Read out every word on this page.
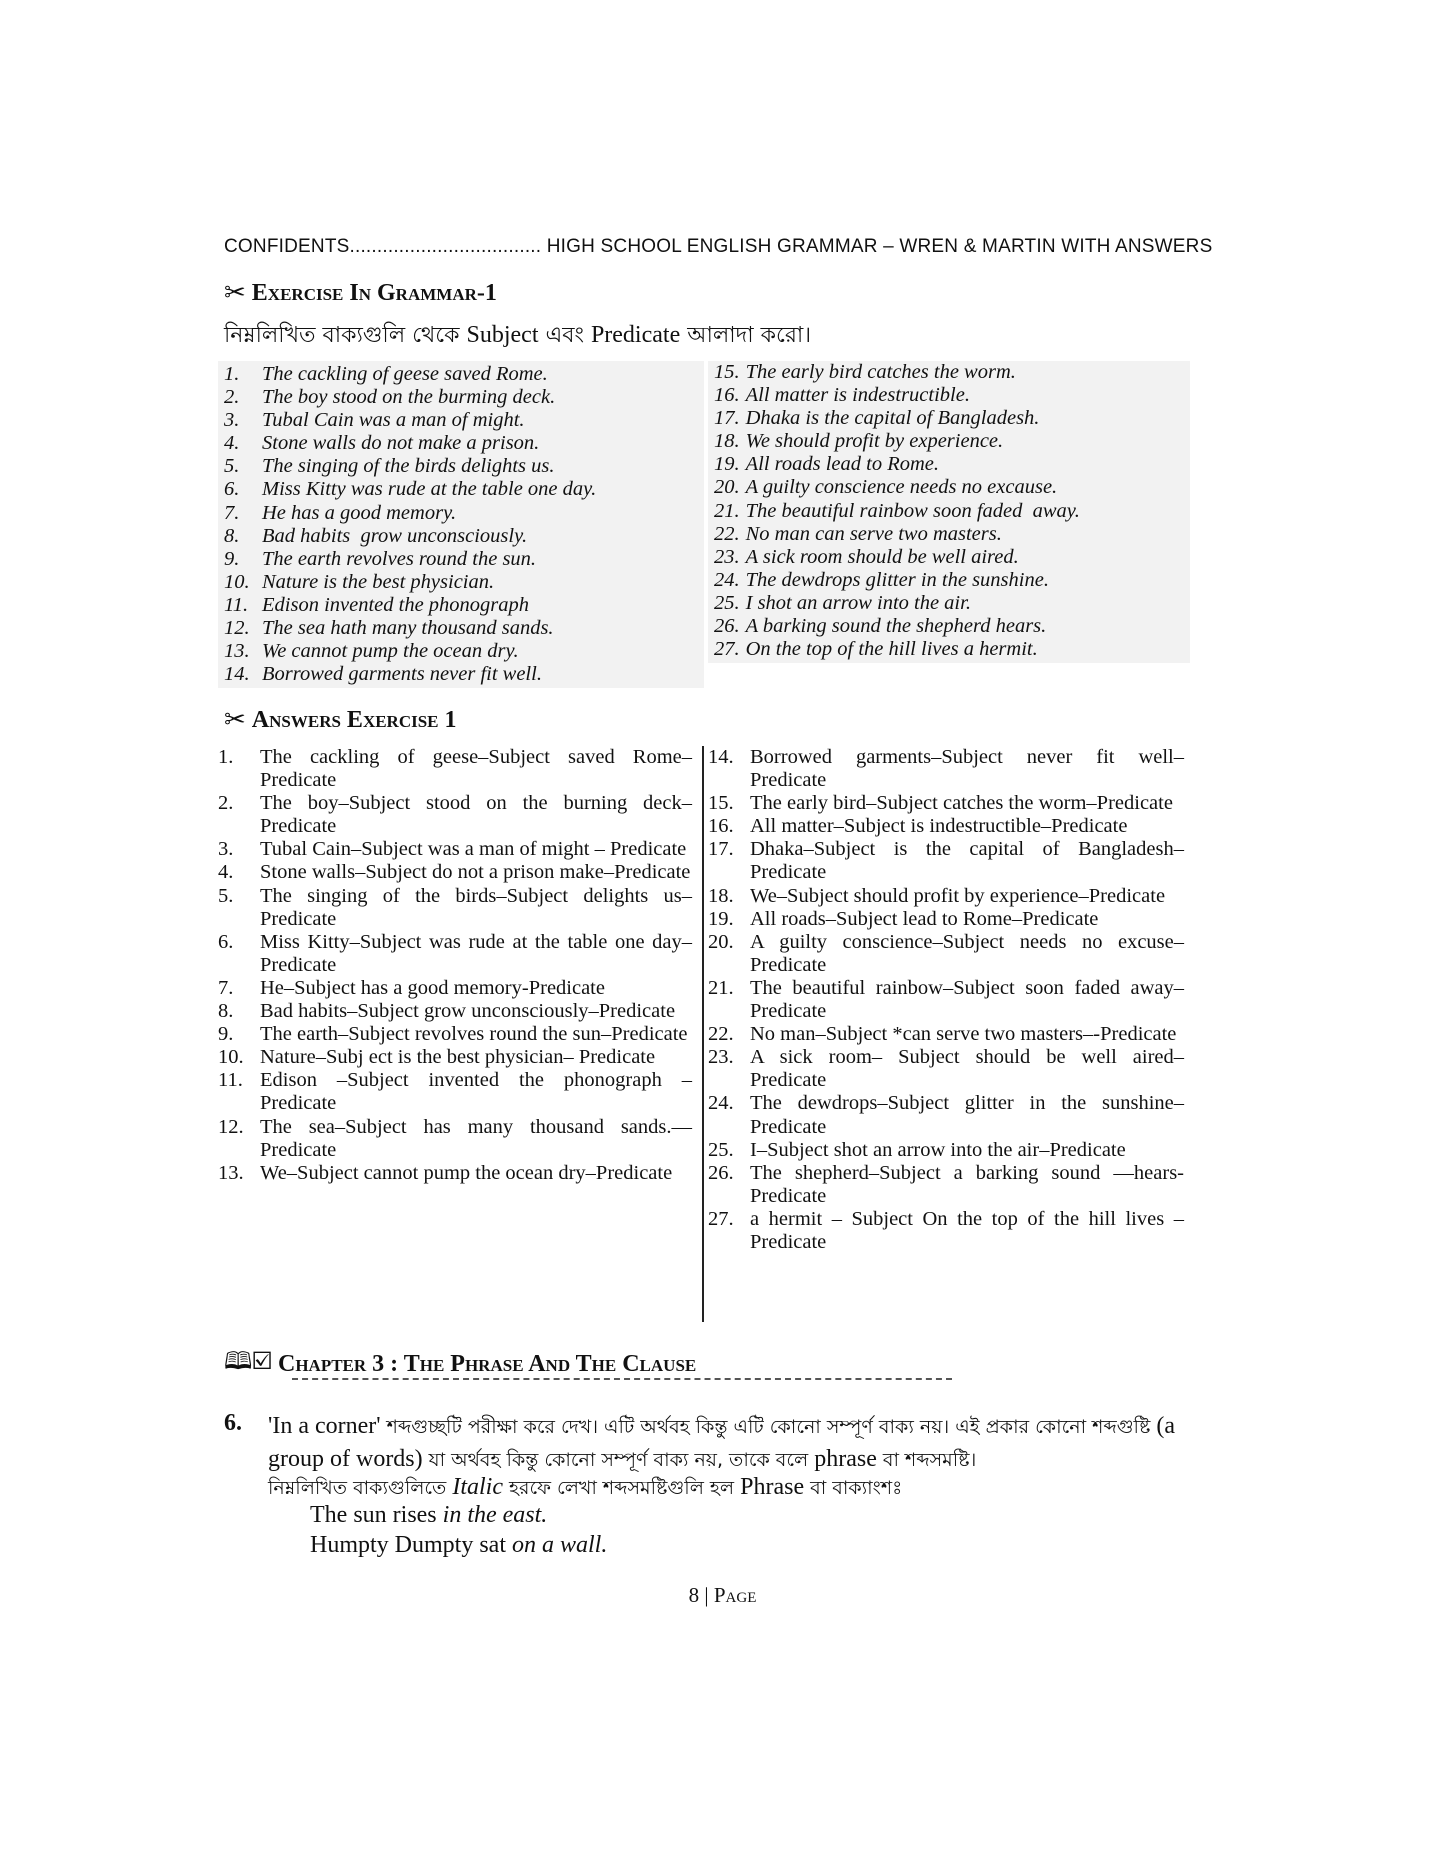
CONFIDENTS................................... HIGH SCHOOL ENGLISH GRAMMAR – WREN & MARTIN WITH ANSWERS
✂ Exercise In Grammar-1
নিম্নলিখিত বাক্যগুলি থেকে Subject এবং Predicate আলাদা করো।
1.	The cackling of geese saved Rome.
2.	The boy stood on the burming deck.
3.	Tubal Cain was a man of might.
4.	Stone walls do not make a prison.
5.	The singing of the birds delights us.
6.	Miss Kitty was rude at the table one day.
7.	He has a good memory.
8.	Bad habits  grow unconsciously.
9.	The earth revolves round the sun.
10. Nature is the best physician.
11. Edison invented the phonograph
12. The sea hath many thousand sands.
13. We cannot pump the ocean dry.
14. Borrowed garments never fit well.
15. The early bird catches the worm.
16. All matter is indestructible.
17. Dhaka is the capital of Bangladesh.
18. We should profit by experience.
19. All roads lead to Rome.
20. A guilty conscience needs no excause.
21. The beautiful rainbow soon faded  away.
22. No man can serve two masters.
23. A sick room should be well aired.
24. The dewdrops glitter in the sunshine.
25. I shot an arrow into the air.
26. A barking sound the shepherd hears.
27. On the top of the hill lives a hermit.
✂ Answers Exercise 1
1.	The cackling of geese–Subject saved Rome–Predicate
2.	The boy–Subject stood on the burning deck–Predicate
3.	Tubal Cain–Subject was a man of might – Predicate
4.	Stone walls–Subject do not a prison make–Predicate
5.	The singing of the birds–Subject delights us–Predicate
6.	Miss Kitty–Subject was rude at the table one day–Predicate
7.	He–Subject has a good memory-Predicate
8.	Bad habits–Subject grow unconsciously–Predicate
9.	The earth–Subject revolves round the sun–Predicate
10. Nature–Subj ect is the best physician– Predicate
11. Edison –Subject invented the phonograph – Predicate
12. The sea–Subject has many thousand sands.—Predicate
13. We–Subject cannot pump the ocean dry–Predicate
14. Borrowed garments–Subject never fit well–Predicate
15. The early bird–Subject catches the worm–Predicate
16. All matter–Subject is indestructible–Predicate
17. Dhaka–Subject is the capital of Bangladesh–Predicate
18. We–Subject should profit by experience–Predicate
19. All roads–Subject lead to Rome–Predicate
20. A guilty conscience–Subject needs no excuse–Predicate
21. The beautiful rainbow–Subject soon faded away–Predicate
22. No man–Subject *can serve two masters–-Predicate
23. A sick room– Subject should be well aired–Predicate
24. The dewdrops–Subject glitter in the sunshine–Predicate
25. I–Subject shot an arrow into the air–Predicate
26. The shepherd–Subject a barking sound —hears-Predicate
27. a hermit – Subject On the top of the hill lives – Predicate
🕮☑ Chapter 3 : The Phrase And The Clause
6. 'In a corner' শব্দগুচ্ছটি পরীক্ষা করে দেখ। এটি অর্থবহ কিন্তু এটি কোনো সম্পূর্ণ বাক্য নয়। এই প্রকার কোনো শব্দগুষ্টি (a
group of words) যা অর্থবহ কিন্তু কোনো সম্পূর্ণ বাক্য নয়, তাকে বলে phrase বা শব্দসমষ্টি।
নিম্নলিখিত বাক্যগুলিতে Italic হরফে লেখা শব্দসমষ্টিগুলি হল Phrase বা বাক্যাংশঃ
The sun rises in the east.
Humpty Dumpty sat on a wall.
8 | Page
